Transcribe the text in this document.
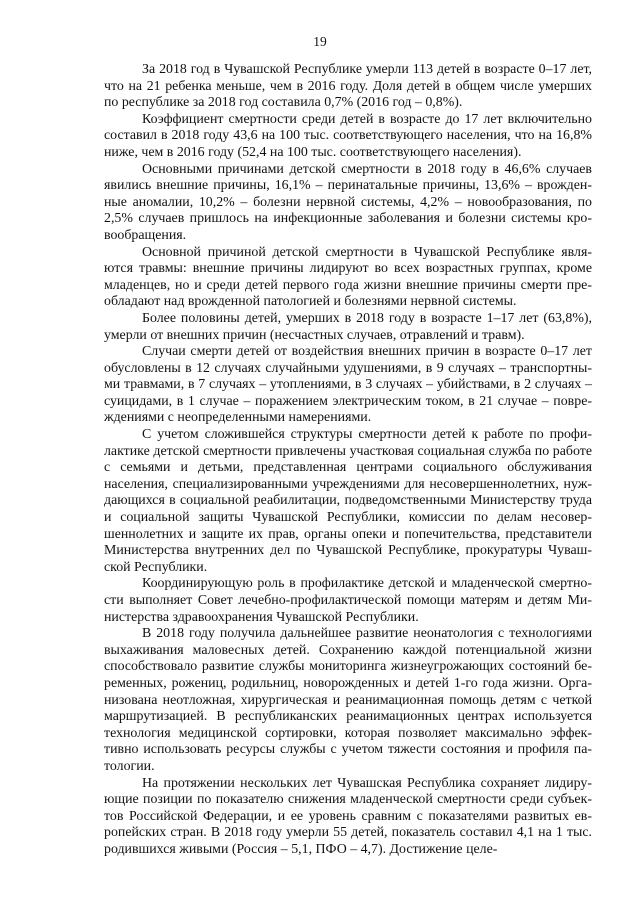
19

За 2018 год в Чувашской Республике умерли 113 детей в возрасте 0–17 лет, что на 21 ребенка меньше, чем в 2016 году. Доля детей в общем числе умерших по республике за 2018 год составила 0,7% (2016 год – 0,8%).

Коэффициент смертности среди детей в возрасте до 17 лет включительно составил в 2018 году 43,6 на 100 тыс. соответствующего населения, что на 16,8% ниже, чем в 2016 году (52,4 на 100 тыс. соответствующего населения).

Основными причинами детской смертности в 2018 году в 46,6% случаев явились внешние причины, 16,1% – перинатальные причины, 13,6% – врожденные аномалии, 10,2% – болезни нервной системы, 4,2% – новообразования, по 2,5% случаев пришлось на инфекционные заболевания и болезни системы кровообращения.

Основной причиной детской смертности в Чувашской Республике являются травмы: внешние причины лидируют во всех возрастных группах, кроме младенцев, но и среди детей первого года жизни внешние причины смерти преобладают над врожденной патологией и болезнями нервной системы.

Более половины детей, умерших в 2018 году в возрасте 1–17 лет (63,8%), умерли от внешних причин (несчастных случаев, отравлений и травм).

Случаи смерти детей от воздействия внешних причин в возрасте 0–17 лет обусловлены в 12 случаях случайными удушениями, в 9 случаях – транспортными травмами, в 7 случаях – утоплениями, в 3 случаях – убийствами, в 2 случаях – суицидами, в 1 случае – поражением электрическим током, в 21 случае – повреждениями с неопределенными намерениями.

С учетом сложившейся структуры смертности детей к работе по профилактике детской смертности привлечены участковая социальная служба по работе с семьями и детьми, представленная центрами социального обслуживания населения, специализированными учреждениями для несовершеннолетних, нуждающихся в социальной реабилитации, подведомственными Министерству труда и социальной защиты Чувашской Республики, комиссии по делам несовершеннолетних и защите их прав, органы опеки и попечительства, представители Министерства внутренних дел по Чувашской Республике, прокуратуры Чувашской Республики.

Координирующую роль в профилактике детской и младенческой смертности выполняет Совет лечебно-профилактической помощи матерям и детям Министерства здравоохранения Чувашской Республики.

В 2018 году получила дальнейшее развитие неонатология с технологиями выхаживания маловесных детей. Сохранению каждой потенциальной жизни способствовало развитие службы мониторинга жизнеугрожающих состояний беременных, рожениц, родильниц, новорожденных и детей 1-го года жизни. Организована неотложная, хирургическая и реанимационная помощь детям с четкой маршрутизацией. В республиканских реанимационных центрах используется технология медицинской сортировки, которая позволяет максимально эффективно использовать ресурсы службы с учетом тяжести состояния и профиля патологии.

На протяжении нескольких лет Чувашская Республика сохраняет лидирующие позиции по показателю снижения младенческой смертности среди субъектов Российской Федерации, и ее уровень сравним с показателями развитых европейских стран. В 2018 году умерли 55 детей, показатель составил 4,1 на 1 тыс. родившихся живыми (Россия – 5,1, ПФО – 4,7). Достижение целе-
